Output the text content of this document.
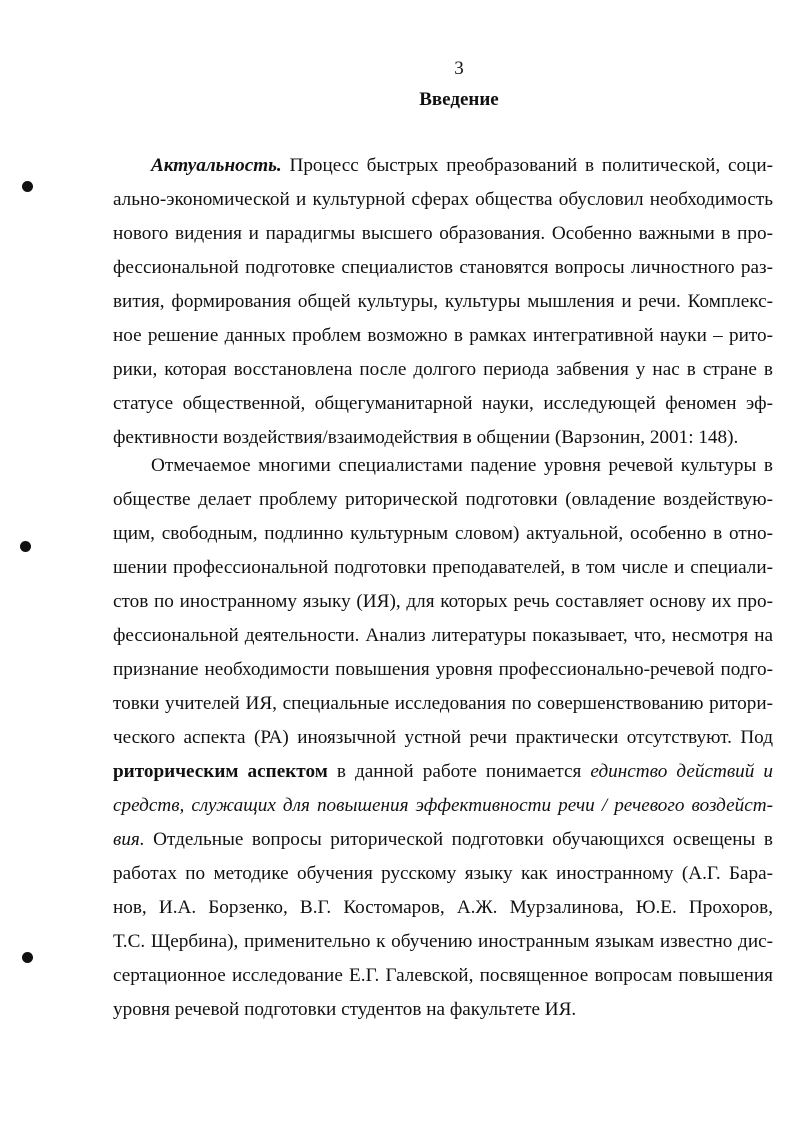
3
Введение
Актуальность. Процесс быстрых преобразований в политической, соци-
ально-экономической и культурной сферах общества обусловил необходимость
нового видения и парадигмы высшего образования. Особенно важными в про-
фессиональной подготовке специалистов становятся вопросы личностного раз-
вития, формирования общей культуры, культуры мышления и речи. Комплекс-
ное решение данных проблем возможно в рамках интегративной науки – рито-
рики, которая восстановлена после долгого периода забвения у нас в стране в
статусе общественной, общегуманитарной науки, исследующей феномен эф-
фективности воздействия/взаимодействия в общении (Варзонин, 2001: 148).
Отмечаемое многими специалистами падение уровня речевой культуры в
обществе делает проблему риторической подготовки (овладение воздействую-
щим, свободным, подлинно культурным словом) актуальной, особенно в отно-
шении профессиональной подготовки преподавателей, в том числе и специали-
стов по иностранному языку (ИЯ), для которых речь составляет основу их про-
фессиональной деятельности. Анализ литературы показывает, что, несмотря на
признание необходимости повышения уровня профессионально-речевой подго-
товки учителей ИЯ, специальные исследования по совершенствованию ритори-
ческого аспекта (РА) иноязычной устной речи практически отсутствуют. Под
риторическим аспектом в данной работе понимается единство действий и
средств, служащих для повышения эффективности речи / речевого воздейст-
вия. Отдельные вопросы риторической подготовки обучающихся освещены в
работах по методике обучения русскому языку как иностранному (А.Г. Бара-
нов, И.А. Борзенко, В.Г. Костомаров, А.Ж. Мурзалинова, Ю.Е. Прохоров,
Т.С. Щербина), применительно к обучению иностранным языкам известно дис-
сертационное исследование Е.Г. Галевской, посвященное вопросам повышения
уровня речевой подготовки студентов на факультете ИЯ.
